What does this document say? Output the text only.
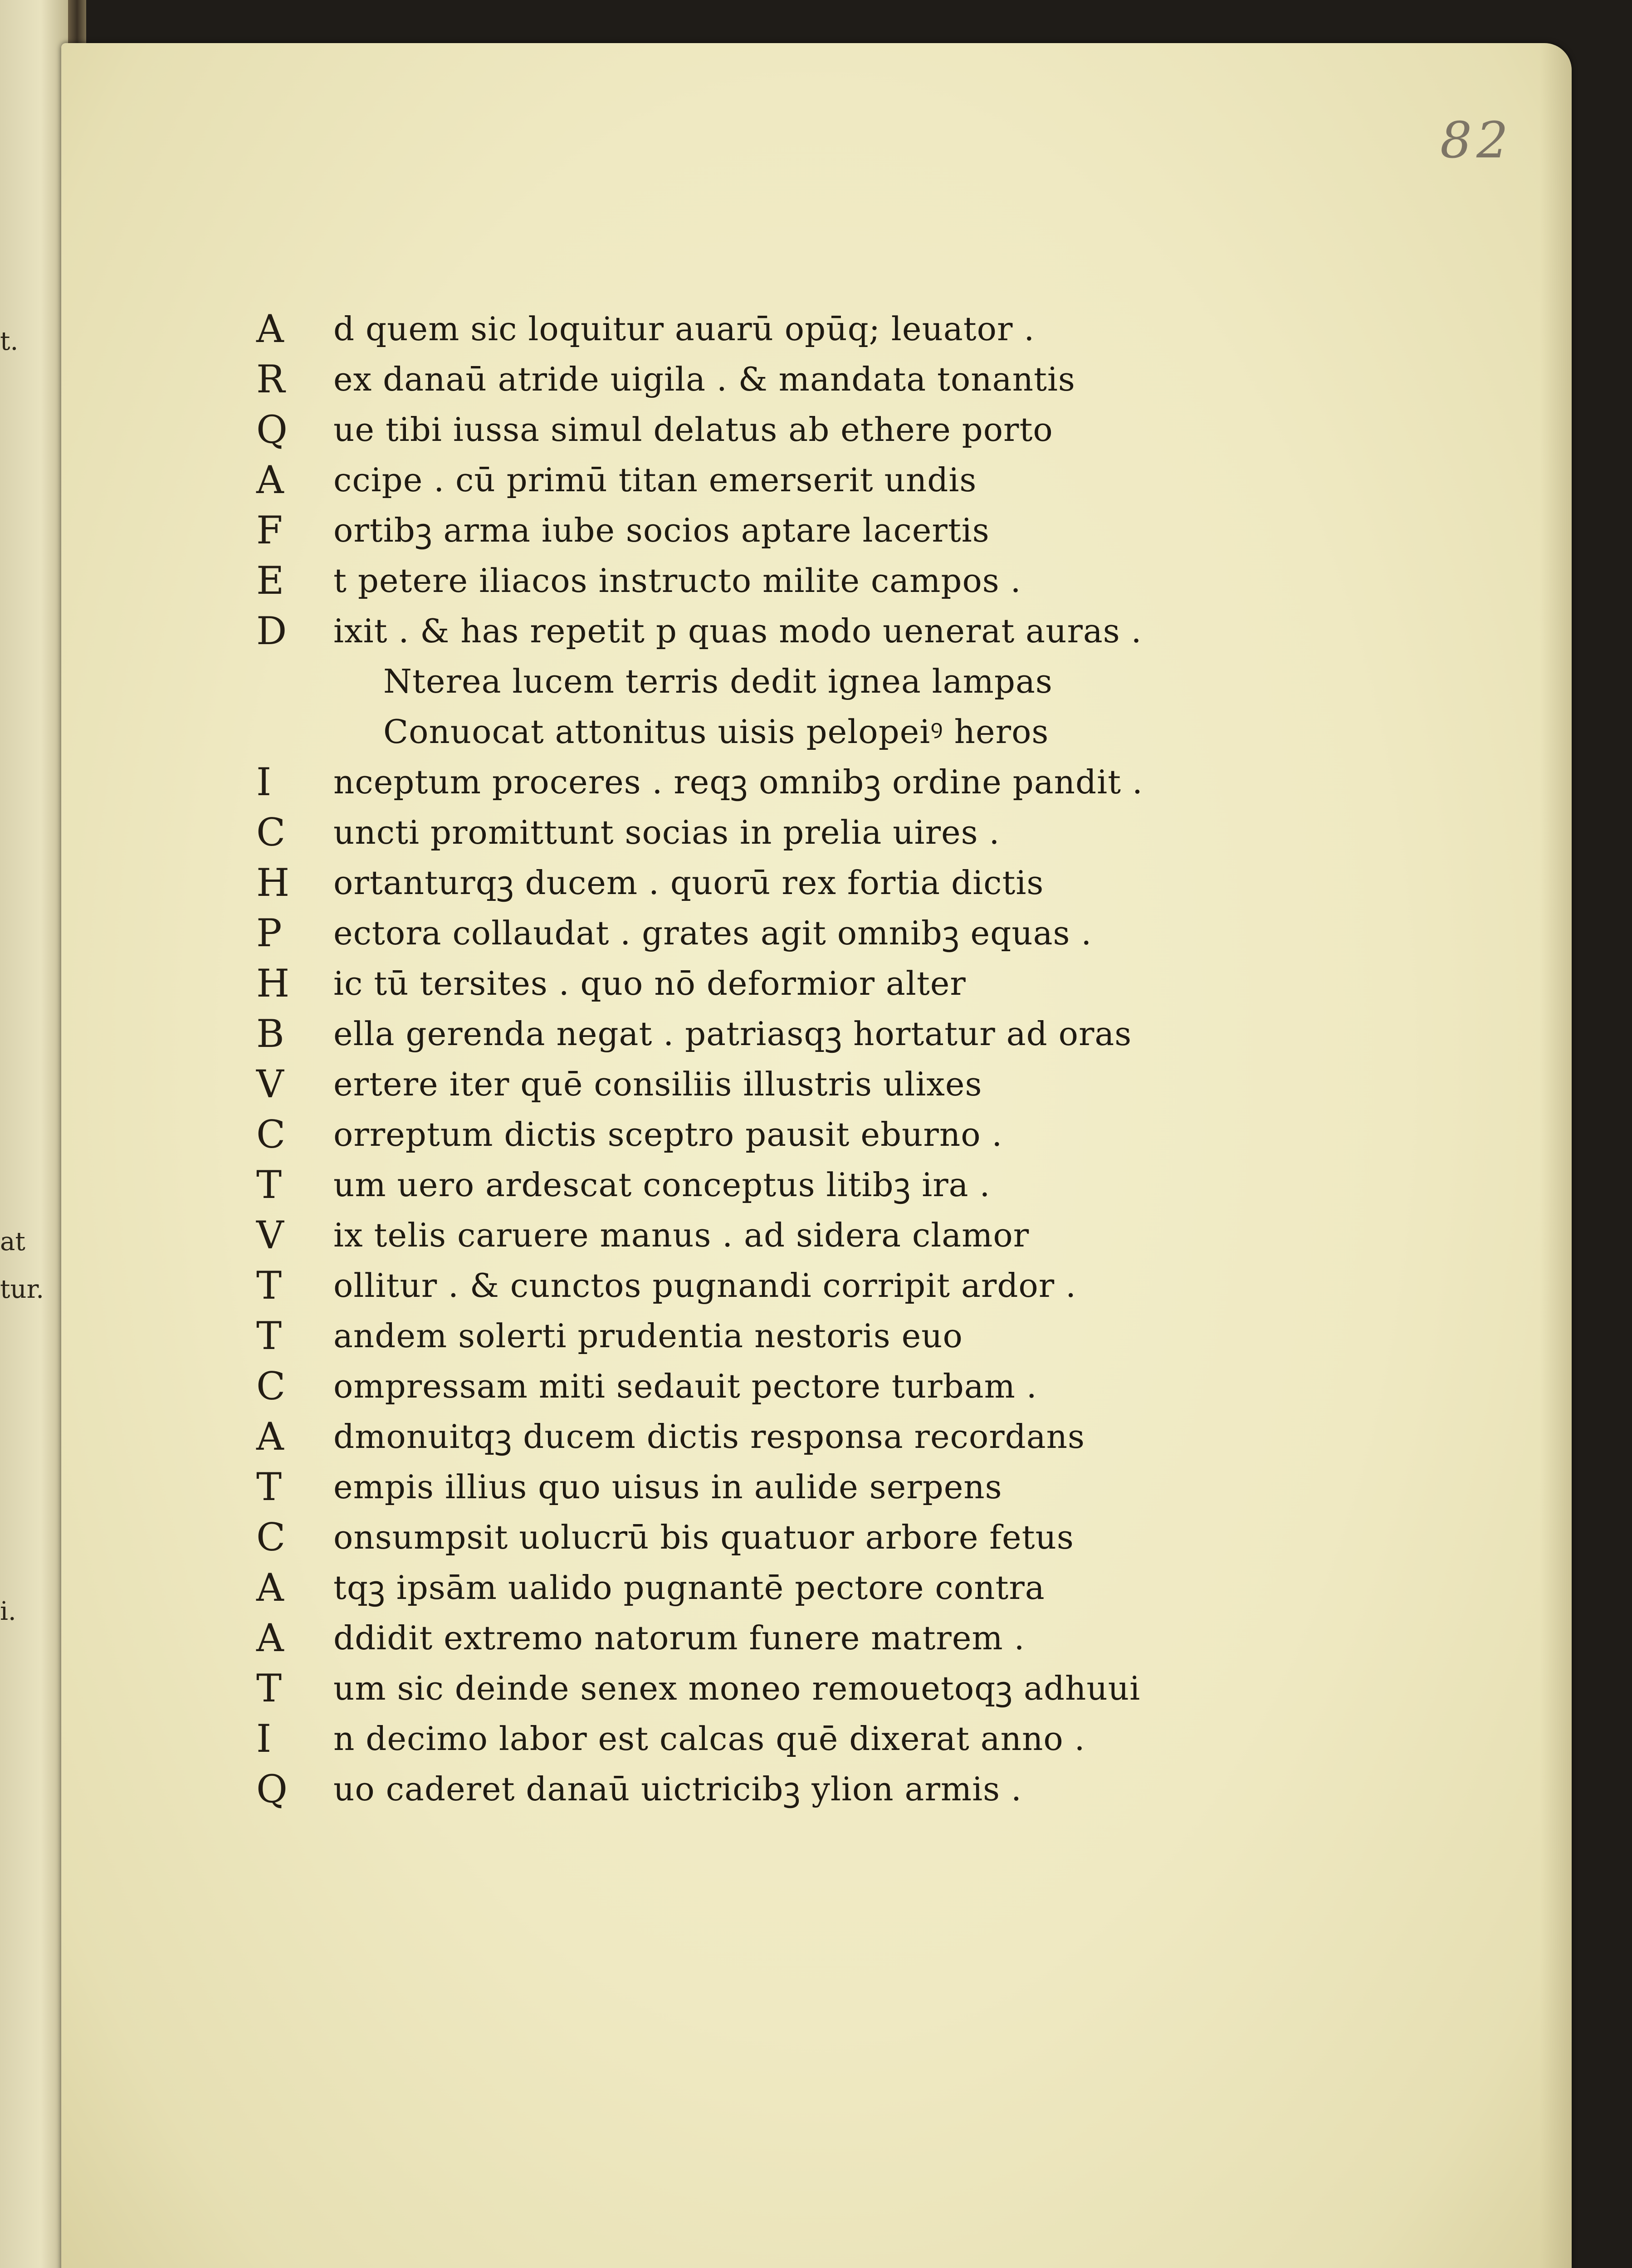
t.
at
tur.
i.
82
A	d quem sic loquitur auarū opūq; leuator .
R	ex danaū atride uigila . & mandata tonantis
Q	ue tibi iussa simul delatus ab ethere porto
A	ccipe . cū primū titan emerserit undis
F	ortibꝫ arma iube socios aptare lacertis
E	t petere iliacos instructo milite campos .
D	ixit . & has repetit p quas modo uenerat auras .
Nterea lucem terris dedit ignea lampas
Conuocat attonitus uisis pelopeiꝰ heros
I	nceptum proceres . reqꝫ omnibꝫ ordine pandit .
C	uncti promittunt socias in prelia uires .
H	ortanturqꝫ ducem . quorū rex fortia dictis
P	ectora collaudat . grates agit omnibꝫ equas .
H	ic tū tersites . quo nō deformior alter
B	ella gerenda negat . patriasqꝫ hortatur ad oras
V	ertere iter quē consiliis illustris ulixes
C	orreptum dictis sceptro pausit eburno .
T	um uero ardescat conceptus litibꝫ ira .
V	ix telis caruere manus . ad sidera clamor
T	ollitur . & cunctos pugnandi corripit ardor .
T	andem solerti prudentia nestoris euo
C	ompressam miti sedauit pectore turbam .
A	dmonuitqꝫ ducem dictis responsa recordans
T	empis illius quo uisus in aulide serpens
C	onsumpsit uolucrū bis quatuor arbore fetus
A	tqꝫ ipsām ualido pugnantē pectore contra
A	ddidit extremo natorum funere matrem .
T	um sic deinde senex moneo remouetoqꝫ adhuui
I	n decimo labor est calcas quē dixerat anno .
Q	uo caderet danaū uictricibꝫ ylion armis .
